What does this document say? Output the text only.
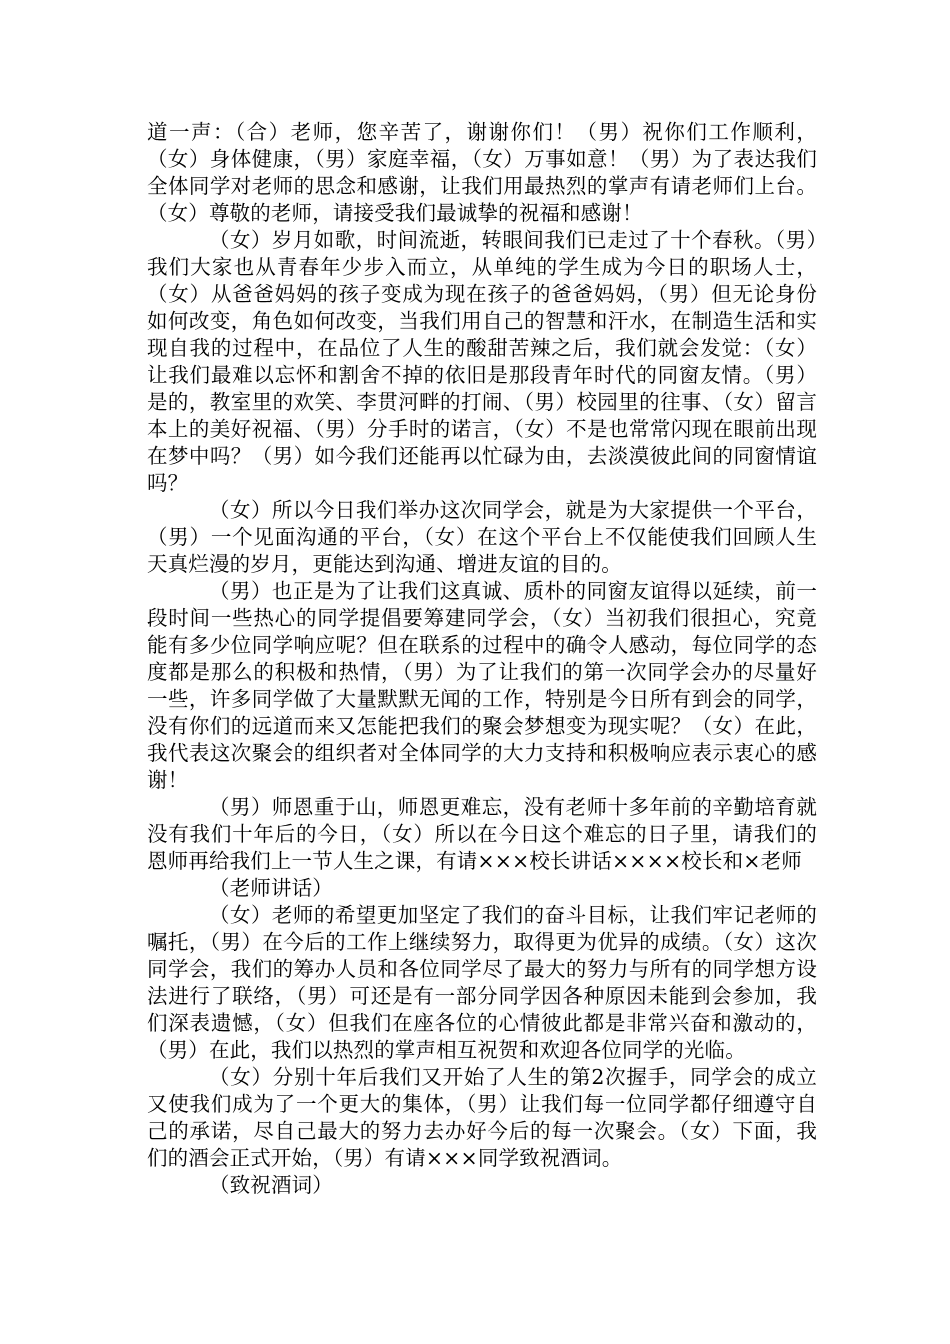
道一声：（合）老师，您辛苦了，谢谢你们！（男）祝你们工作顺利，（女）身体健康，（男）家庭幸福，（女）万事如意！（男）为了表达我们全体同学对老师的思念和感谢，让我们用最热烈的掌声有请老师们上台。（女）尊敬的老师，请接受我们最诚挚的祝福和感谢！

（女）岁月如歌，时间流逝，转眼间我们已走过了十个春秋。（男）我们大家也从青春年少步入而立，从单纯的学生成为今日的职场人士，（女）从爸爸妈妈的孩子变成为现在孩子的爸爸妈妈，（男）但无论身份如何改变，角色如何改变，当我们用自己的智慧和汗水，在制造生活和实现自我的过程中，在品位了人生的酸甜苦辣之后，我们就会发觉：（女）让我们最难以忘怀和割舍不掉的依旧是那段青年时代的同窗友情。（男）是的，教室里的欢笑、李贯河畔的打闹、（男）校园里的往事、（女）留言本上的美好祝福、（男）分手时的诺言，（女）不是也常常闪现在眼前出现在梦中吗？（男）如今我们还能再以忙碌为由，去淡漠彼此间的同窗情谊吗？

（女）所以今日我们举办这次同学会，就是为大家提供一个平台，（男）一个见面沟通的平台，（女）在这个平台上不仅能使我们回顾人生天真烂漫的岁月，更能达到沟通、增进友谊的目的。

（男）也正是为了让我们这真诚、质朴的同窗友谊得以延续，前一段时间一些热心的同学提倡要筹建同学会，（女）当初我们很担心，究竟能有多少位同学响应呢？但在联系的过程中的确令人感动，每位同学的态度都是那么的积极和热情，（男）为了让我们的第一次同学会办的尽量好一些，许多同学做了大量默默无闻的工作，特别是今日所有到会的同学，没有你们的远道而来又怎能把我们的聚会梦想变为现实呢？（女）在此，我代表这次聚会的组织者对全体同学的大力支持和积极响应表示衷心的感谢！

（男）师恩重于山，师恩更难忘，没有老师十多年前的辛勤培育就没有我们十年后的今日，（女）所以在今日这个难忘的日子里，请我们的恩师再给我们上一节人生之课，有请×××校长讲话××××校长和×老师

（老师讲话）

（女）老师的希望更加坚定了我们的奋斗目标，让我们牢记老师的嘱托，（男）在今后的工作上继续努力，取得更为优异的成绩。（女）这次同学会，我们的筹办人员和各位同学尽了最大的努力与所有的同学想方设法进行了联络，（男）可还是有一部分同学因各种原因未能到会参加，我们深表遗憾，（女）但我们在座各位的心情彼此都是非常兴奋和激动的，（男）在此，我们以热烈的掌声相互祝贺和欢迎各位同学的光临。

（女）分别十年后我们又开始了人生的第2次握手，同学会的成立又使我们成为了一个更大的集体，（男）让我们每一位同学都仔细遵守自己的承诺，尽自己最大的努力去办好今后的每一次聚会。（女）下面，我们的酒会正式开始，（男）有请×××同学致祝酒词。

（致祝酒词）
